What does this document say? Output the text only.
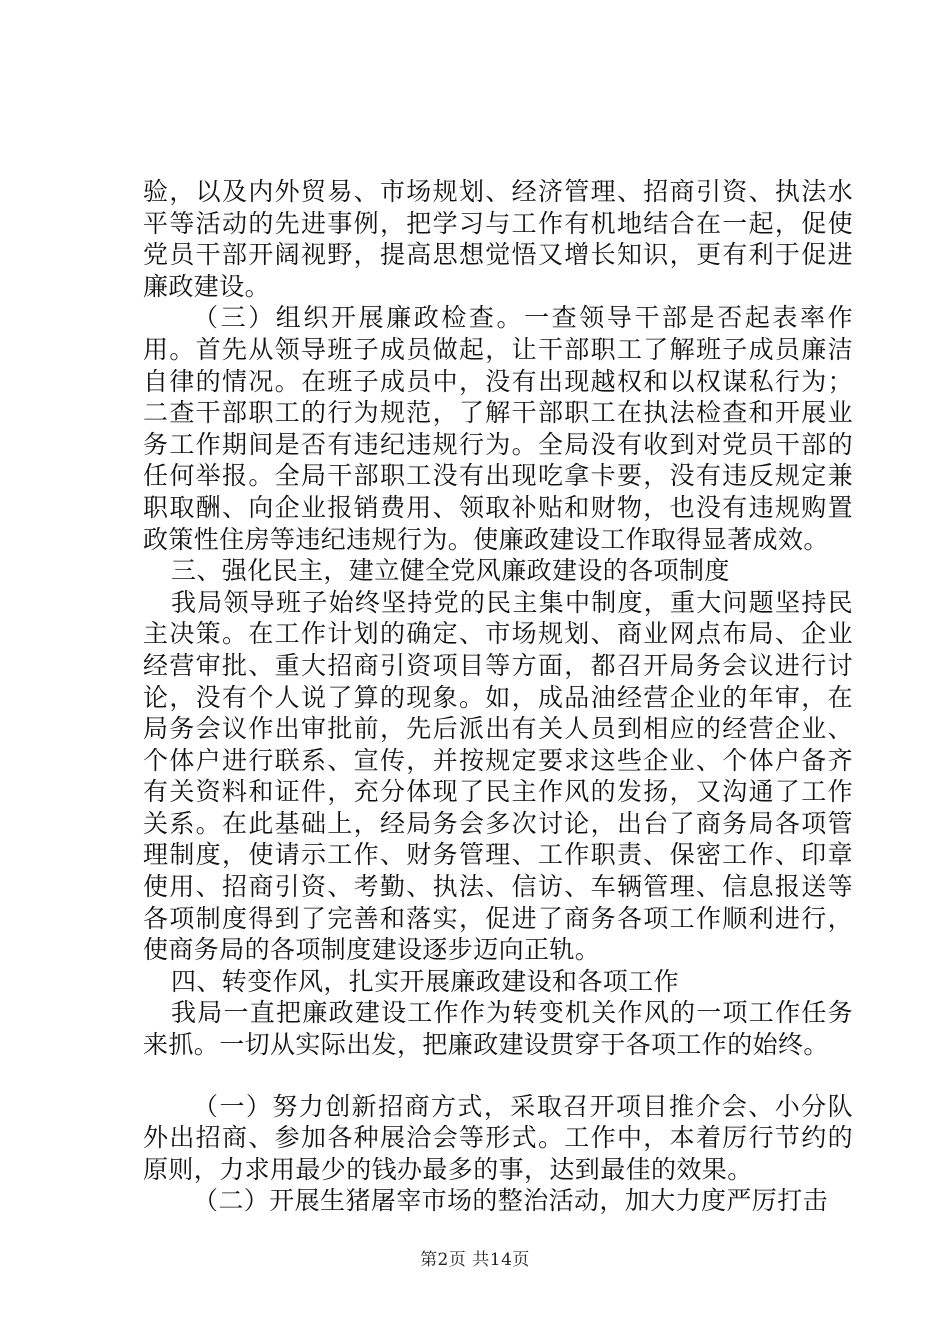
验，以及内外贸易、市场规划、经济管理、招商引资、执法水平等活动的先进事例，把学习与工作有机地结合在一起，促使党员干部开阔视野，提高思想觉悟又增长知识，更有利于促进廉政建设。

（三）组织开展廉政检查。一查领导干部是否起表率作用。首先从领导班子成员做起，让干部职工了解班子成员廉洁自律的情况。在班子成员中，没有出现越权和以权谋私行为；二查干部职工的行为规范，了解干部职工在执法检查和开展业务工作期间是否有违纪违规行为。全局没有收到对党员干部的任何举报。全局干部职工没有出现吃拿卡要，没有违反规定兼职取酬、向企业报销费用、领取补贴和财物，也没有违规购置政策性住房等违纪违规行为。使廉政建设工作取得显著成效。

三、强化民主，建立健全党风廉政建设的各项制度

我局领导班子始终坚持党的民主集中制度，重大问题坚持民主决策。在工作计划的确定、市场规划、商业网点布局、企业经营审批、重大招商引资项目等方面，都召开局务会议进行讨论，没有个人说了算的现象。如，成品油经营企业的年审，在局务会议作出审批前，先后派出有关人员到相应的经营企业、个体户进行联系、宣传，并按规定要求这些企业、个体户备齐有关资料和证件，充分体现了民主作风的发扬，又沟通了工作关系。在此基础上，经局务会多次讨论，出台了商务局各项管理制度，使请示工作、财务管理、工作职责、保密工作、印章使用、招商引资、考勤、执法、信访、车辆管理、信息报送等各项制度得到了完善和落实，促进了商务各项工作顺利进行，使商务局的各项制度建设逐步迈向正轨。

四、转变作风，扎实开展廉政建设和各项工作

我局一直把廉政建设工作作为转变机关作风的一项工作任务来抓。一切从实际出发，把廉政建设贯穿于各项工作的始终。

（一）努力创新招商方式，采取召开项目推介会、小分队外出招商、参加各种展洽会等形式。工作中，本着厉行节约的原则，力求用最少的钱办最多的事，达到最佳的效果。

（二）开展生猪屠宰市场的整治活动，加大力度严厉打击

第2页 共14页
